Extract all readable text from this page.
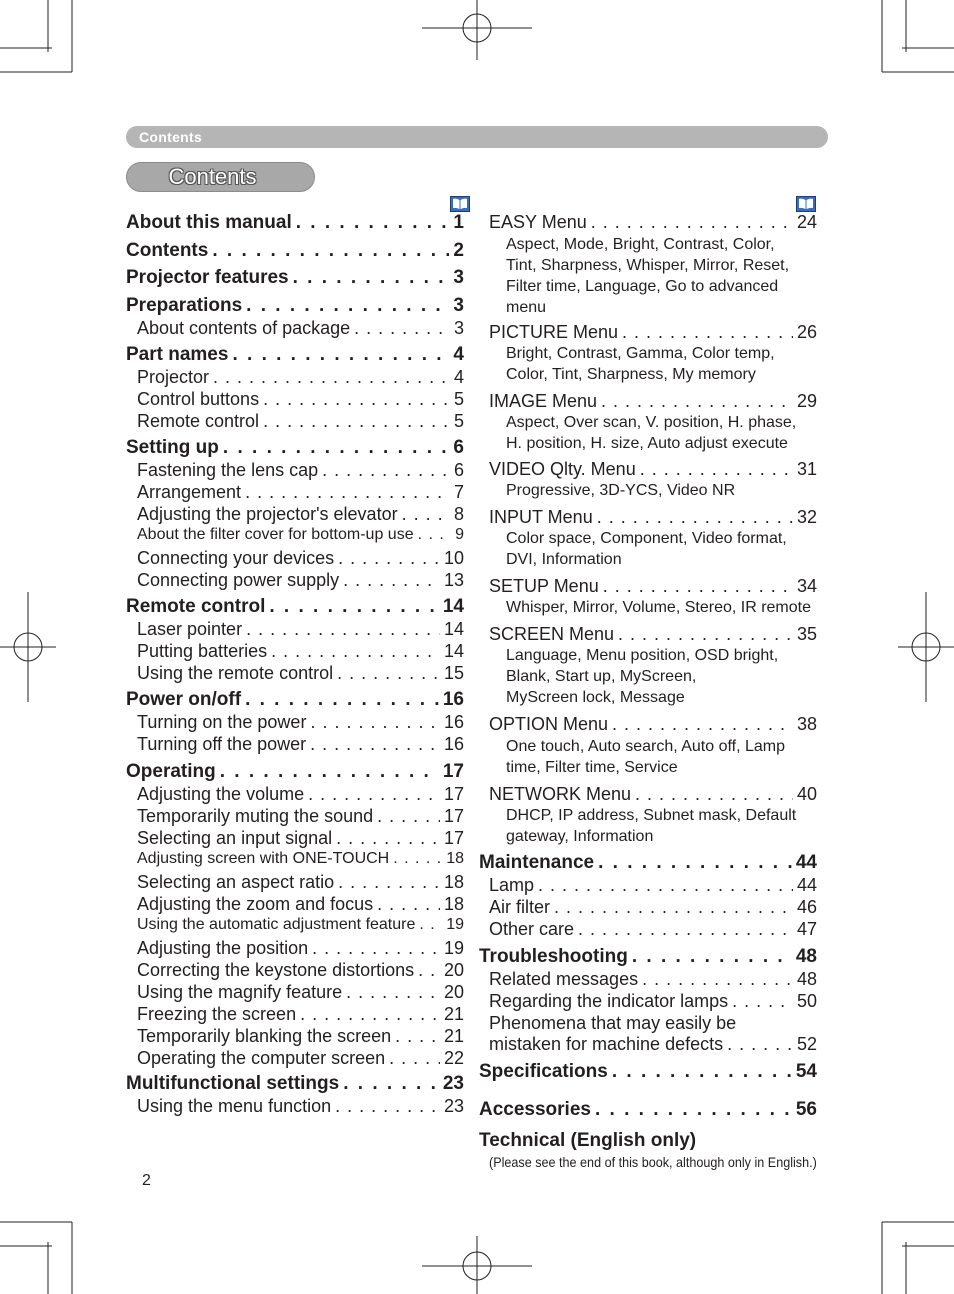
Contents
Contents
About this manual . . .	1
Contents . . .	2
Projector features . . .	3
Preparations . . .	3
About contents of package . . .	3
Part names . . .	4
Projector . . .	4
Control buttons . . .	5
Remote control . . .	5
Setting up . . .	6
Fastening the lens cap . . .	6
Arrangement . . .	7
Adjusting the projector's elevator . . .	8
About the filter cover for bottom-up use . . .	9
Connecting your devices . . .	10
Connecting power supply . . .	13
Remote control . . .	14
Laser pointer . . .	14
Putting batteries . . .	14
Using the remote control . . .	15
Power on/off . . .	16
Turning on the power . . .	16
Turning off the power . . .	16
Operating . . .	17
Adjusting the volume . . .	17
Temporarily muting the sound . . .	17
Selecting an input signal . . .	17
Adjusting screen with ONE-TOUCH . . .	18
Selecting an aspect ratio . . .	18
Adjusting the zoom and focus . . .	18
Using the automatic adjustment feature . . . 19
Adjusting the position . . .	19
Correcting the keystone distortions . . . 20
Using the magnify feature . . .	20
Freezing the screen . . .	21
Temporarily blanking the screen . . .	21
Operating the computer screen . . .	22
Multifunctional settings . . .	23
Using the menu function . . .	23
EASY Menu . . .	24
Aspect, Mode, Bright, Contrast, Color,
Tint, Sharpness, Whisper, Mirror, Reset,
Filter time, Language, Go to advanced
menu
PICTURE Menu . . .	26
Bright, Contrast, Gamma, Color temp,
Color, Tint, Sharpness, My memory
IMAGE Menu . . .	29
Aspect, Over scan, V. position, H. phase,
H. position, H. size, Auto adjust execute
VIDEO Qlty. Menu . . .	31
Progressive, 3D-YCS, Video NR
INPUT Menu . . .	32
Color space, Component, Video format,
DVI, Information
SETUP Menu . . .	34
Whisper, Mirror, Volume, Stereo, IR remote
SCREEN Menu . . .	35
Language, Menu position, OSD bright,
Blank, Start up, MyScreen,
MyScreen lock, Message
OPTION Menu . . .	38
One touch, Auto search, Auto off, Lamp
time, Filter time, Service
NETWORK Menu . . .	40
DHCP, IP address, Subnet mask, Default
gateway, Information
Maintenance . . .	44
Lamp . . .	44
Air filter . . .	46
Other care . . .	47
Troubleshooting . . .	48
Related messages . . .	48
Regarding the indicator lamps . . .	50
Phenomena that may easily be
mistaken for machine defects . . .	52
Specifications . . .	54
Accessories . . .	56
Technical (English only)
(Please see the end of this book, although only in English.)
2
